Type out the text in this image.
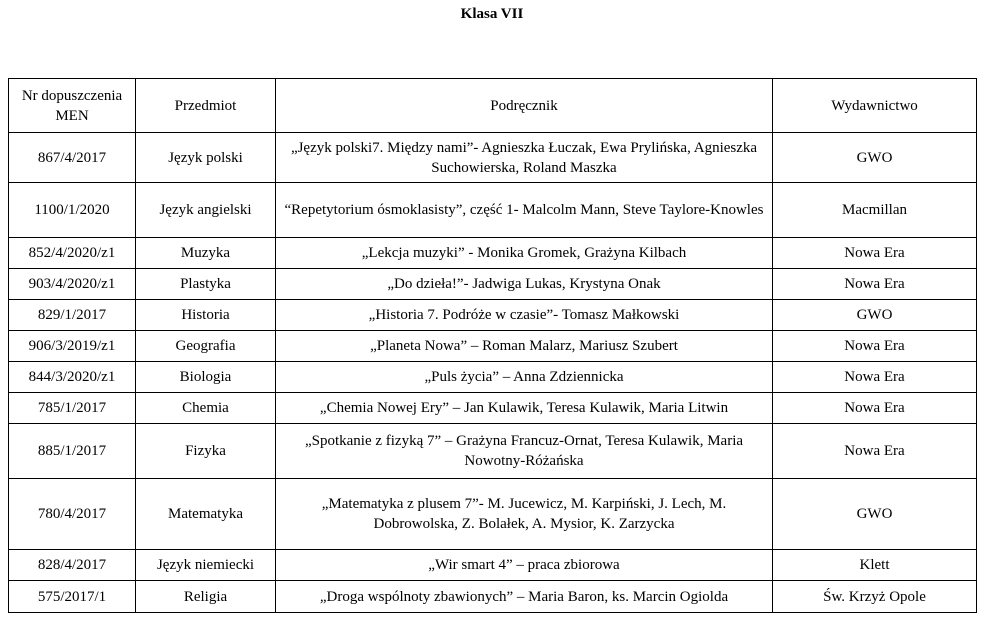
Klasa VII
Nr dopuszczenia MEN	Przedmiot	Podręcznik	Wydawnictwo
867/4/2017	Język polski	„Język polski7. Między nami”- Agnieszka Łuczak, Ewa Prylińska, Agnieszka Suchowierska, Roland Maszka	GWO
1100/1/2020	Język angielski	“Repetytorium ósmoklasisty”, część 1- Malcolm Mann, Steve Taylore-Knowles	Macmillan
852/4/2020/z1	Muzyka	„Lekcja muzyki” - Monika Gromek, Grażyna Kilbach	Nowa Era
903/4/2020/z1	Plastyka	„Do dzieła!”- Jadwiga Lukas, Krystyna Onak	Nowa Era
829/1/2017	Historia	„Historia 7. Podróże w czasie”- Tomasz Małkowski	GWO
906/3/2019/z1	Geografia	„Planeta Nowa” – Roman Malarz, Mariusz Szubert	Nowa Era
844/3/2020/z1	Biologia	„Puls życia” – Anna Zdziennicka	Nowa Era
785/1/2017	Chemia	„Chemia Nowej Ery” – Jan Kulawik, Teresa Kulawik, Maria Litwin	Nowa Era
885/1/2017	Fizyka	„Spotkanie z fizyką 7” – Grażyna Francuz-Ornat, Teresa Kulawik, Maria Nowotny-Różańska	Nowa Era
780/4/2017	Matematyka	„Matematyka z plusem 7”- M. Jucewicz, M. Karpiński, J. Lech, M. Dobrowolska, Z. Bolałek, A. Mysior, K. Zarzycka	GWO
828/4/2017	Język niemiecki	„Wir smart 4” – praca zbiorowa	Klett
575/2017/1	Religia	„Droga wspólnoty zbawionych” – Maria Baron, ks. Marcin Ogiolda	Św. Krzyż Opole
